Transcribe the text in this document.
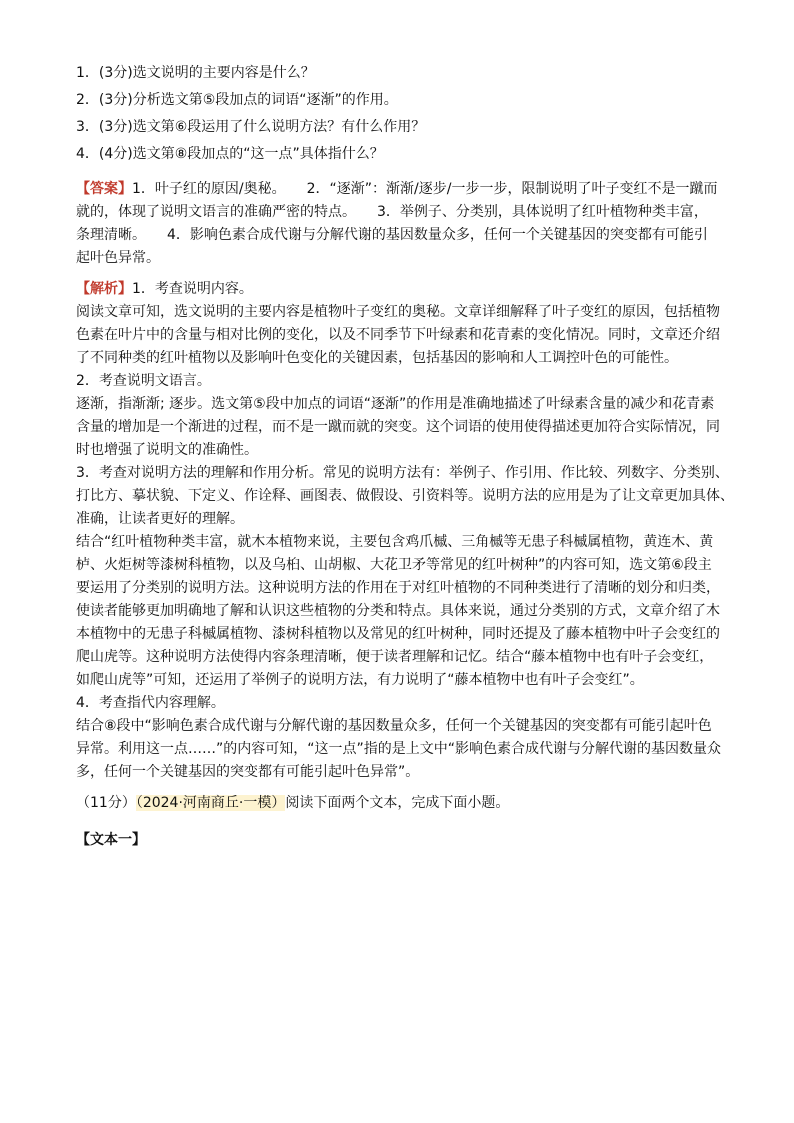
1．(3分)选文说明的主要内容是什么？
2．(3分)分析选文第⑤段加点的词语“逐渐”的作用。
3．(3分)选文第⑥段运用了什么说明方法？有什么作用？
4．(4分)选文第⑧段加点的“这一点”具体指什么？
【答案】1．叶子红的原因/奥秘。　　2．“逐渐”：渐渐/逐步/一步一步，限制说明了叶子变红不是一蹴而
就的，体现了说明文语言的准确严密的特点。　　3．举例子、分类别，具体说明了红叶植物种类丰富，
条理清晰。　　4．影响色素合成代谢与分解代谢的基因数量众多，任何一个关键基因的突变都有可能引
起叶色异常。
【解析】1．考查说明内容。
阅读文章可知，选文说明的主要内容是植物叶子变红的奥秘。文章详细解释了叶子变红的原因，包括植物
色素在叶片中的含量与相对比例的变化，以及不同季节下叶绿素和花青素的变化情况。同时，文章还介绍
了不同种类的红叶植物以及影响叶色变化的关键因素，包括基因的影响和人工调控叶色的可能性。
2．考查说明文语言。
逐渐，指渐渐; 逐步。选文第⑤段中加点的词语“逐渐”的作用是准确地描述了叶绿素含量的减少和花青素
含量的增加是一个渐进的过程，而不是一蹴而就的突变。这个词语的使用使得描述更加符合实际情况，同
时也增强了说明文的准确性。
3．考查对说明方法的理解和作用分析。常见的说明方法有：举例子、作引用、作比较、列数字、分类别、
打比方、摹状貌、下定义、作诠释、画图表、做假设、引资料等。说明方法的应用是为了让文章更加具体、
准确，让读者更好的理解。
结合“红叶植物种类丰富，就木本植物来说，主要包含鸡爪槭、三角槭等无患子科槭属植物，黄连木、黄
栌、火炬树等漆树科植物，以及乌桕、山胡椒、大花卫矛等常见的红叶树种”的内容可知，选文第⑥段主
要运用了分类别的说明方法。这种说明方法的作用在于对红叶植物的不同种类进行了清晰的划分和归类，
使读者能够更加明确地了解和认识这些植物的分类和特点。具体来说，通过分类别的方式，文章介绍了木
本植物中的无患子科槭属植物、漆树科植物以及常见的红叶树种，同时还提及了藤本植物中叶子会变红的
爬山虎等。这种说明方法使得内容条理清晰，便于读者理解和记忆。结合“藤本植物中也有叶子会变红，
如爬山虎等”可知，还运用了举例子的说明方法，有力说明了“藤本植物中也有叶子会变红”。
4．考查指代内容理解。
结合⑧段中“影响色素合成代谢与分解代谢的基因数量众多，任何一个关键基因的突变都有可能引起叶色
异常。利用这一点……”的内容可知，“这一点”指的是上文中“影响色素合成代谢与分解代谢的基因数量众
多，任何一个关键基因的突变都有可能引起叶色异常”。
（11分）（2024·河南商丘·一模）阅读下面两个文本，完成下面小题。
【文本一】
